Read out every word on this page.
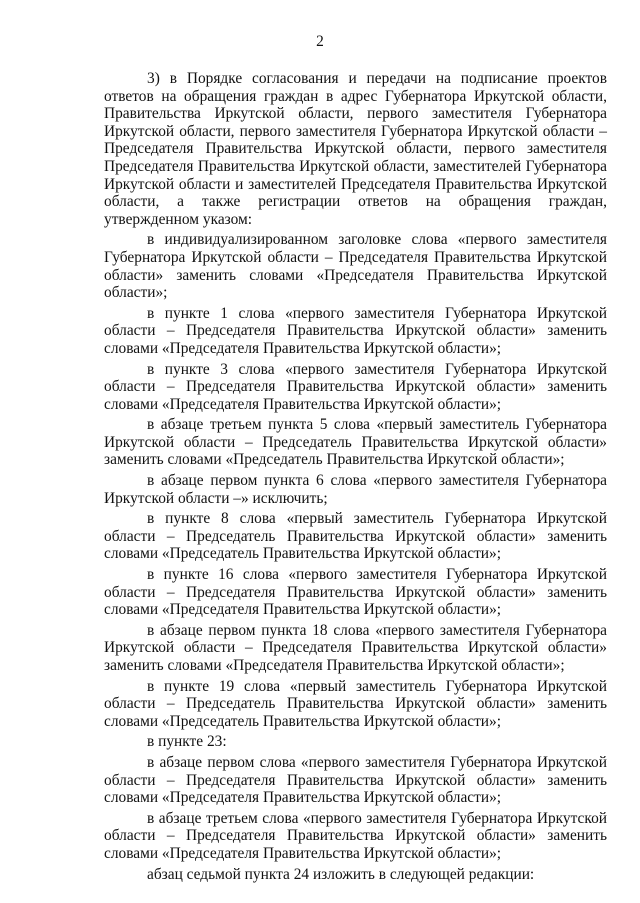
2

3) в Порядке согласования и передачи на подписание проектов ответов на обращения граждан в адрес Губернатора Иркутской области, Правительства Иркутской области, первого заместителя Губернатора Иркутской области, первого заместителя Губернатора Иркутской области – Председателя Правительства Иркутской области, первого заместителя Председателя Правительства Иркутской области, заместителей Губернатора Иркутской области и заместителей Председателя Правительства Иркутской области, а также регистрации ответов на обращения граждан, утвержденном указом:

в индивидуализированном заголовке слова «первого заместителя Губернатора Иркутской области – Председателя Правительства Иркутской области» заменить словами «Председателя Правительства Иркутской области»;

в пункте 1 слова «первого заместителя Губернатора Иркутской области – Председателя Правительства Иркутской области» заменить словами «Председателя Правительства Иркутской области»;

в пункте 3 слова «первого заместителя Губернатора Иркутской области – Председателя Правительства Иркутской области» заменить словами «Председателя Правительства Иркутской области»;

в абзаце третьем пункта 5 слова «первый заместитель Губернатора Иркутской области – Председатель Правительства Иркутской области» заменить словами «Председатель Правительства Иркутской области»;

в абзаце первом пункта 6 слова «первого заместителя Губернатора Иркутской области –» исключить;

в пункте 8 слова «первый заместитель Губернатора Иркутской области – Председатель Правительства Иркутской области» заменить словами «Председатель Правительства Иркутской области»;

в пункте 16 слова «первого заместителя Губернатора Иркутской области – Председателя Правительства Иркутской области» заменить словами «Председателя Правительства Иркутской области»;

в абзаце первом пункта 18 слова «первого заместителя Губернатора Иркутской области – Председателя Правительства Иркутской области» заменить словами «Председателя Правительства Иркутской области»;

в пункте 19 слова «первый заместитель Губернатора Иркутской области – Председатель Правительства Иркутской области» заменить словами «Председатель Правительства Иркутской области»;

в пункте 23:

в абзаце первом слова «первого заместителя Губернатора Иркутской области – Председателя Правительства Иркутской области» заменить словами «Председателя Правительства Иркутской области»;

в абзаце третьем слова «первого заместителя Губернатора Иркутской области – Председателя Правительства Иркутской области» заменить словами «Председателя Правительства Иркутской области»;

абзац седьмой пункта 24 изложить в следующей редакции:
